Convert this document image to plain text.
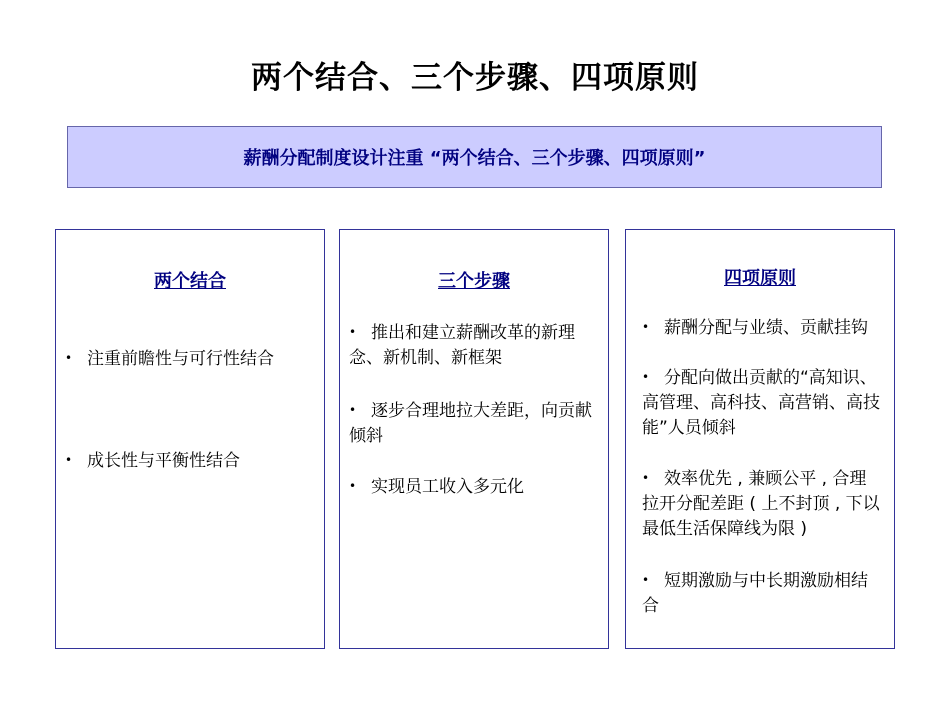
两个结合、三个步骤、四项原则
薪酬分配制度设计注重 “两个结合、三个步骤、四项原则”
两个结合
• 注重前瞻性与可行性结合
• 成长性与平衡性结合
三个步骤
• 推出和建立薪酬改革的新理念、新机制、新框架
• 逐步合理地拉大差距，向贡献倾斜
• 实现员工收入多元化
四项原则
• 薪酬分配与业绩、贡献挂钩
• 分配向做出贡献的“高知识、高管理、高科技、高营销、高技能”人员倾斜
• 效率优先 , 兼顾公平 , 合理拉开分配差距 ( 上不封顶 , 下以最低生活保障线为限 )
• 短期激励与中长期激励相结合
